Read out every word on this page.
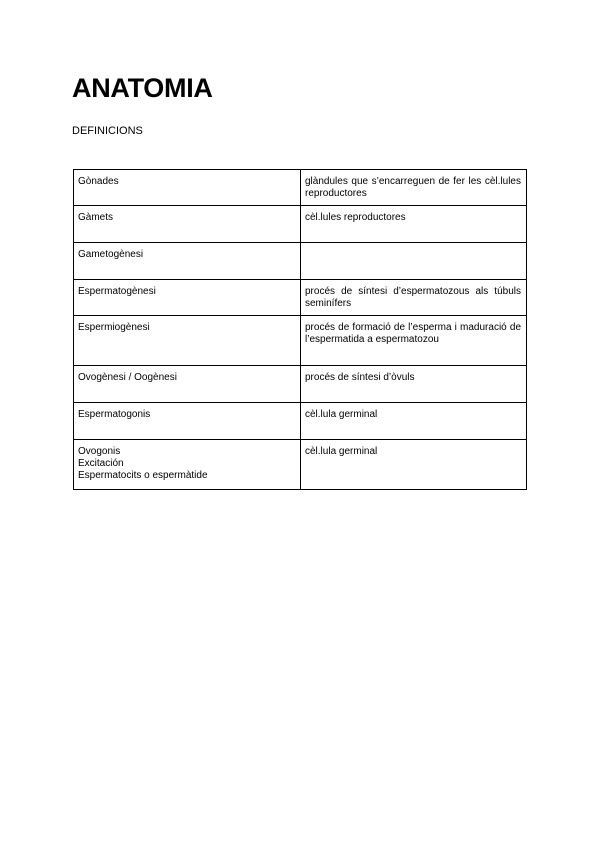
ANATOMIA

DEFINICIONS

Gònades	glàndules que s’encarreguen de fer les cèl.lules reproductores

Gàmets	cèl.lules reproductores

Gametogènesi	

Espermatogènesi	procés de síntesi d’espermatozous als túbuls seminífers

Espermiogènesi	procés de formació de l’esperma i maduració de l’espermatida a espermatozou

Ovogènesi / Oogènesi	procés de síntesi d’òvuls

Espermatogonis	cèl.lula germinal

Ovogonis
Excitación
Espermatocits o espermàtide	cèl.lula germinal
